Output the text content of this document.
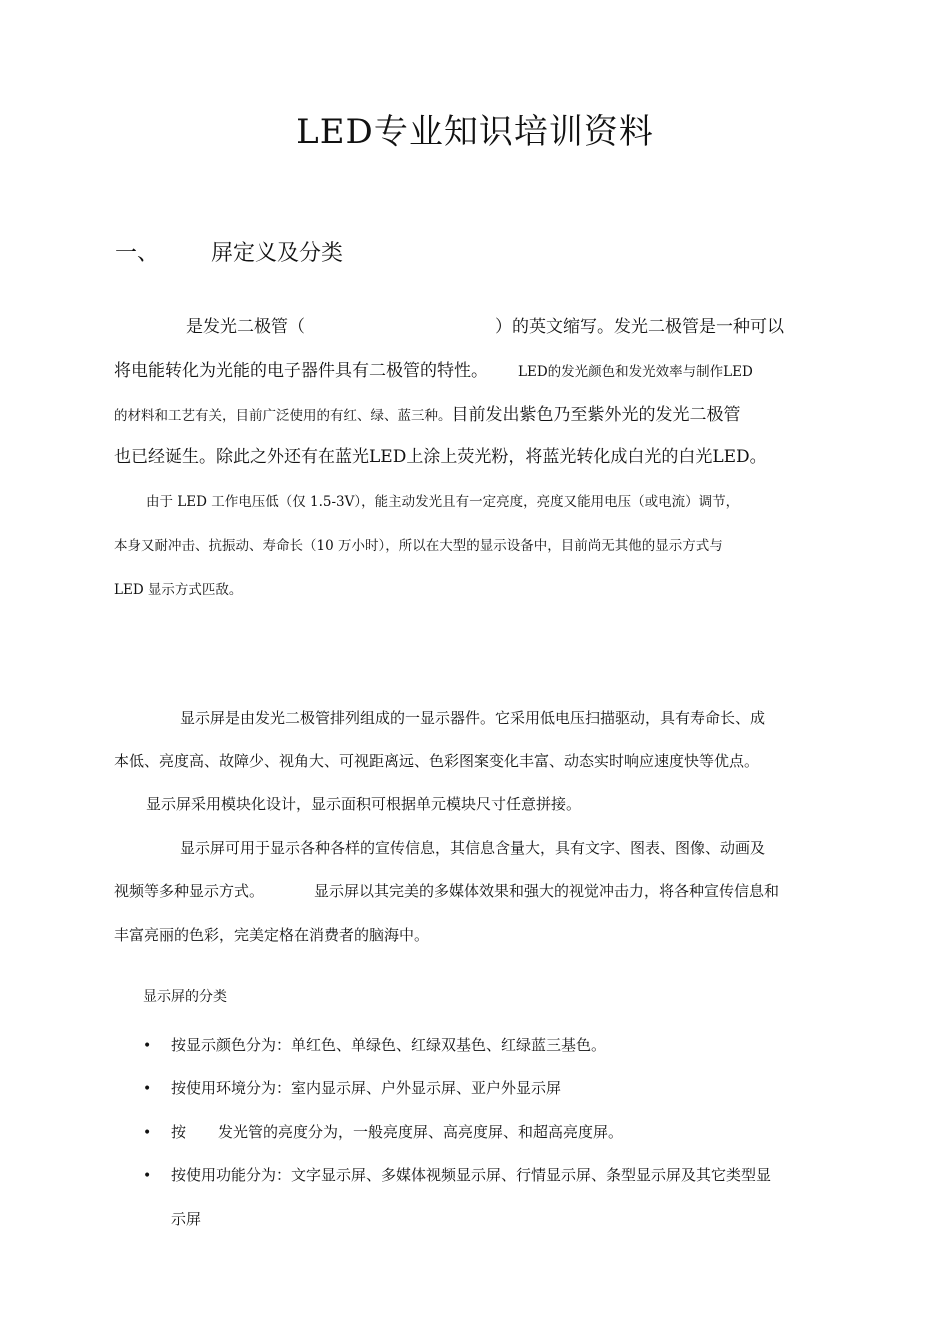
LED专业知识培训资料
一、 屏定义及分类
是发光二极管（	）的英文缩写。发光二极管是一种可以
将电能转化为光能的电子器件具有二极管的特性。 LED的发光颜色和发光效率与制作LED
的材料和工艺有关，目前广泛使用的有红、绿、蓝三种。目前发出紫色乃至紫外光的发光二极管
也已经诞生。除此之外还有在蓝光LED上涂上荧光粉，将蓝光转化成白光的白光LED。
由于 LED 工作电压低（仅 1.5-3V），能主动发光且有一定亮度，亮度又能用电压（或电流）调节，
本身又耐冲击、抗振动、寿命长（10 万小时），所以在大型的显示设备中，目前尚无其他的显示方式与
LED 显示方式匹敌。
显示屏是由发光二极管排列组成的一显示器件。它采用低电压扫描驱动，具有寿命长、成
本低、亮度高、故障少、视角大、可视距离远、色彩图案变化丰富、动态实时响应速度快等优点。
显示屏采用模块化设计，显示面积可根据单元模块尺寸任意拼接。
显示屏可用于显示各种各样的宣传信息，其信息含量大，具有文字、图表、图像、动画及
视频等多种显示方式。	显示屏以其完美的多媒体效果和强大的视觉冲击力，将各种宣传信息和
丰富亮丽的色彩，完美定格在消费者的脑海中。
显示屏的分类
• 按显示颜色分为：单红色、单绿色、红绿双基色、红绿蓝三基色。
• 按使用环境分为：室内显示屏、户外显示屏、亚户外显示屏
• 按 发光管的亮度分为，一般亮度屏、高亮度屏、和超高亮度屏。
• 按使用功能分为：文字显示屏、多媒体视频显示屏、行情显示屏、条型显示屏及其它类型显
示屏
